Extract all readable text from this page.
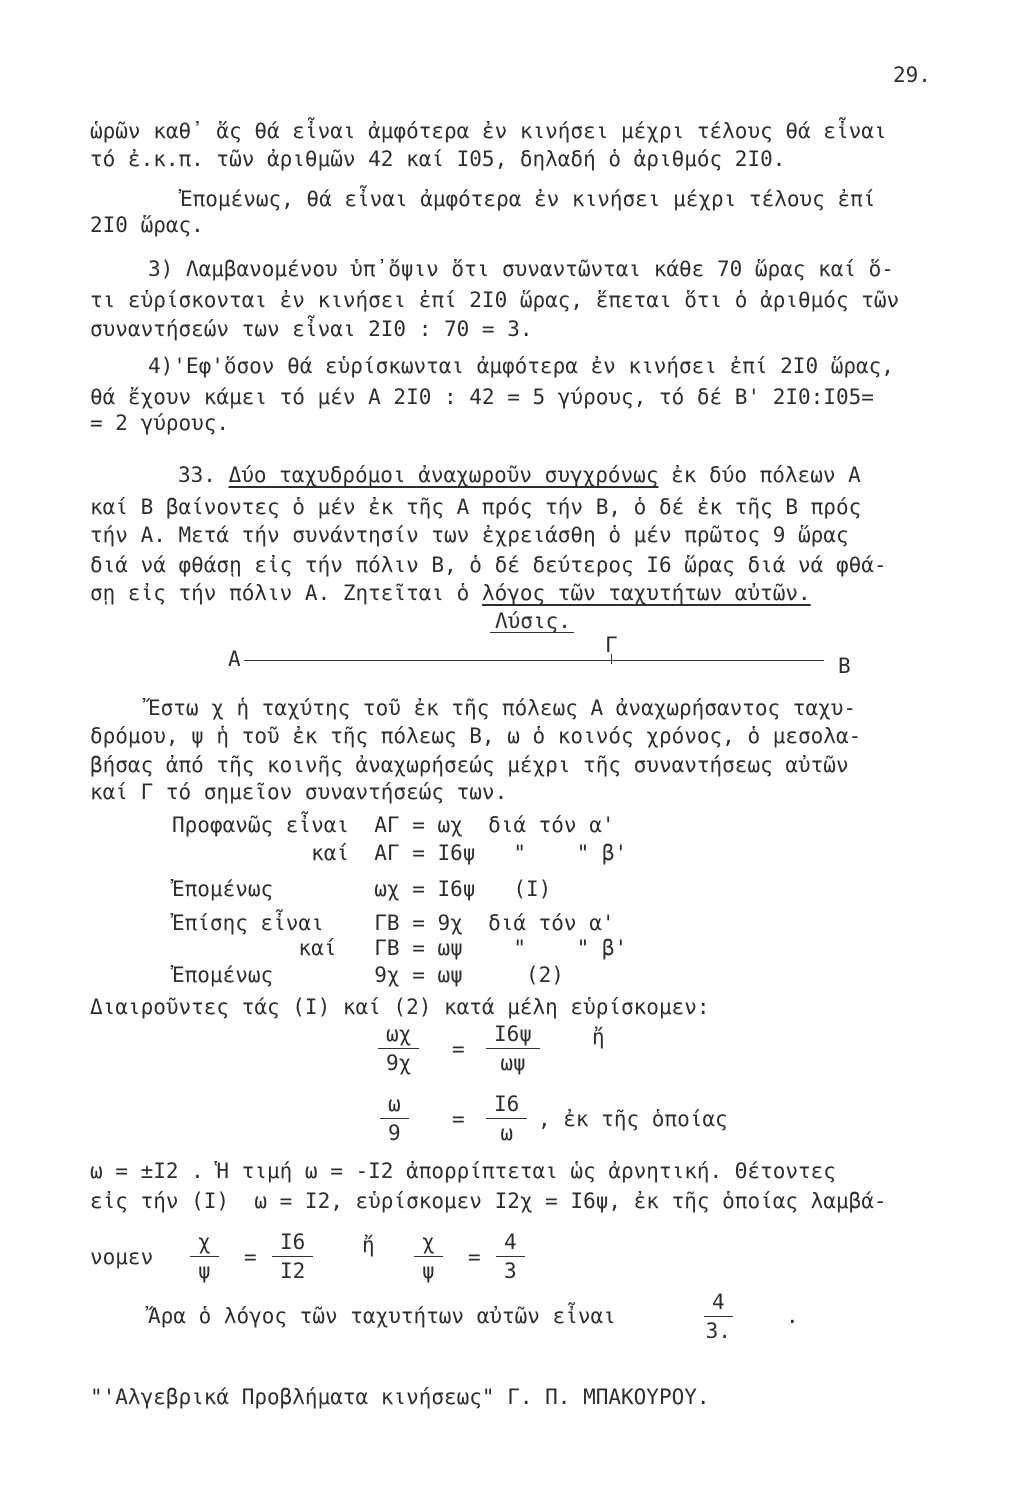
29.
ὡρῶν καθ᾽ ἅς θά εἶναι ἀμφότερα ἐν κινήσει μέχρι τέλους θά εἶναι
τό ἐ.κ.π. τῶν ἀριθμῶν 42 καί Ι05, δηλαδή ὁ ἀριθμός 2Ι0.
Ἐπομένως, θά εἶναι ἀμφότερα ἐν κινήσει μέχρι τέλους ἐπί
2Ι0 ὥρας.
3) Λαμβανομένου ὑπ᾽ὄψιν ὅτι συναντῶνται κάθε 70 ὥρας καί ὅ-
τι εὑρίσκονται ἐν κινήσει ἐπί 2Ι0 ὥρας, ἕπεται ὅτι ὁ ἀριθμός τῶν
συναντήσεών των εἶναι 2Ι0 : 70 = 3.
4)'Εφ'ὅσον θά εὑρίσκωνται ἀμφότερα ἐν κινήσει ἐπί 2Ι0 ὥρας,
θά ἔχουν κάμει τό μέν Α 2Ι0 : 42 = 5 γύρους, τό δέ Β' 2Ι0:Ι05=
= 2 γύρους.
33. Δύο ταχυδρόμοι ἀναχωροῦν συγχρόνως ἐκ δύο πόλεων Α
καί Β βαίνοντες ὁ μέν ἐκ τῆς Α πρός τήν Β, ὁ δέ ἐκ τῆς Β πρός
τήν Α. Μετά τήν συνάντησίν των ἐχρειάσθη ὁ μέν πρῶτος 9 ὥρας
διά νά φθάσῃ εἰς τήν πόλιν Β, ὁ δέ δεύτερος Ι6 ὥρας διά νά φθά-
σῃ εἰς τήν πόλιν Α. Ζητεῖται ὁ λόγος τῶν ταχυτήτων αὐτῶν.
Λύσις.
Α
Γ
Β
Ἔστω χ ἡ ταχύτης τοῦ ἐκ τῆς πόλεως Α ἀναχωρήσαντος ταχυ-
δρόμου, ψ ἡ τοῦ ἐκ τῆς πόλεως Β, ω ὁ κοινός χρόνος, ὁ μεσολα-
βήσας ἀπό τῆς κοινῆς ἀναχωρήσεώς μέχρι τῆς συναντήσεως αὐτῶν
καί Γ τό σημεῖον συναντήσεώς των.
Προφανῶς εἶναι  ΑΓ = ωχ  διά τόν α'
καί  ΑΓ = Ι6ψ   "    " β'
Ἐπομένως        ωχ = Ι6ψ   (Ι)
Ἐπίσης εἶναι    ΓΒ = 9χ  διά τόν α'
καί   ΓΒ = ωψ    "    " β'
Ἐπομένως        9χ = ωψ     (2)
Διαιροῦντες τάς (Ι) καί (2) κατά μέλη εὑρίσκομεν:
$\frac{\omega\chi}{9\chi} = \frac{I6\psi}{\omega\psi}$ ἤ
$\frac{\omega}{9} = \frac{I6}{\omega}$ , ἐκ τῆς ὁποίας
ω = ±Ι2 . Ἡ τιμή ω = -Ι2 ἀπορρίπτεται ὡς ἀρνητική. Θέτοντες
εἰς τήν (Ι)  ω = Ι2, εὑρίσκομεν Ι2χ = Ι6ψ, ἐκ τῆς ὁποίας λαμβά-
νομεν $\frac{\chi}{\psi} = \frac{I6}{I2}$ ἤ $\frac{\chi}{\psi} = \frac{4}{3}$
Ἄρα ὁ λόγος τῶν ταχυτήτων αὐτῶν εἶναι	$\frac{4}{3.}$	.
"'Αλγεβρικά Προβλήματα κινήσεως" Γ. Π. ΜΠΑΚΟΥΡΟΥ.
